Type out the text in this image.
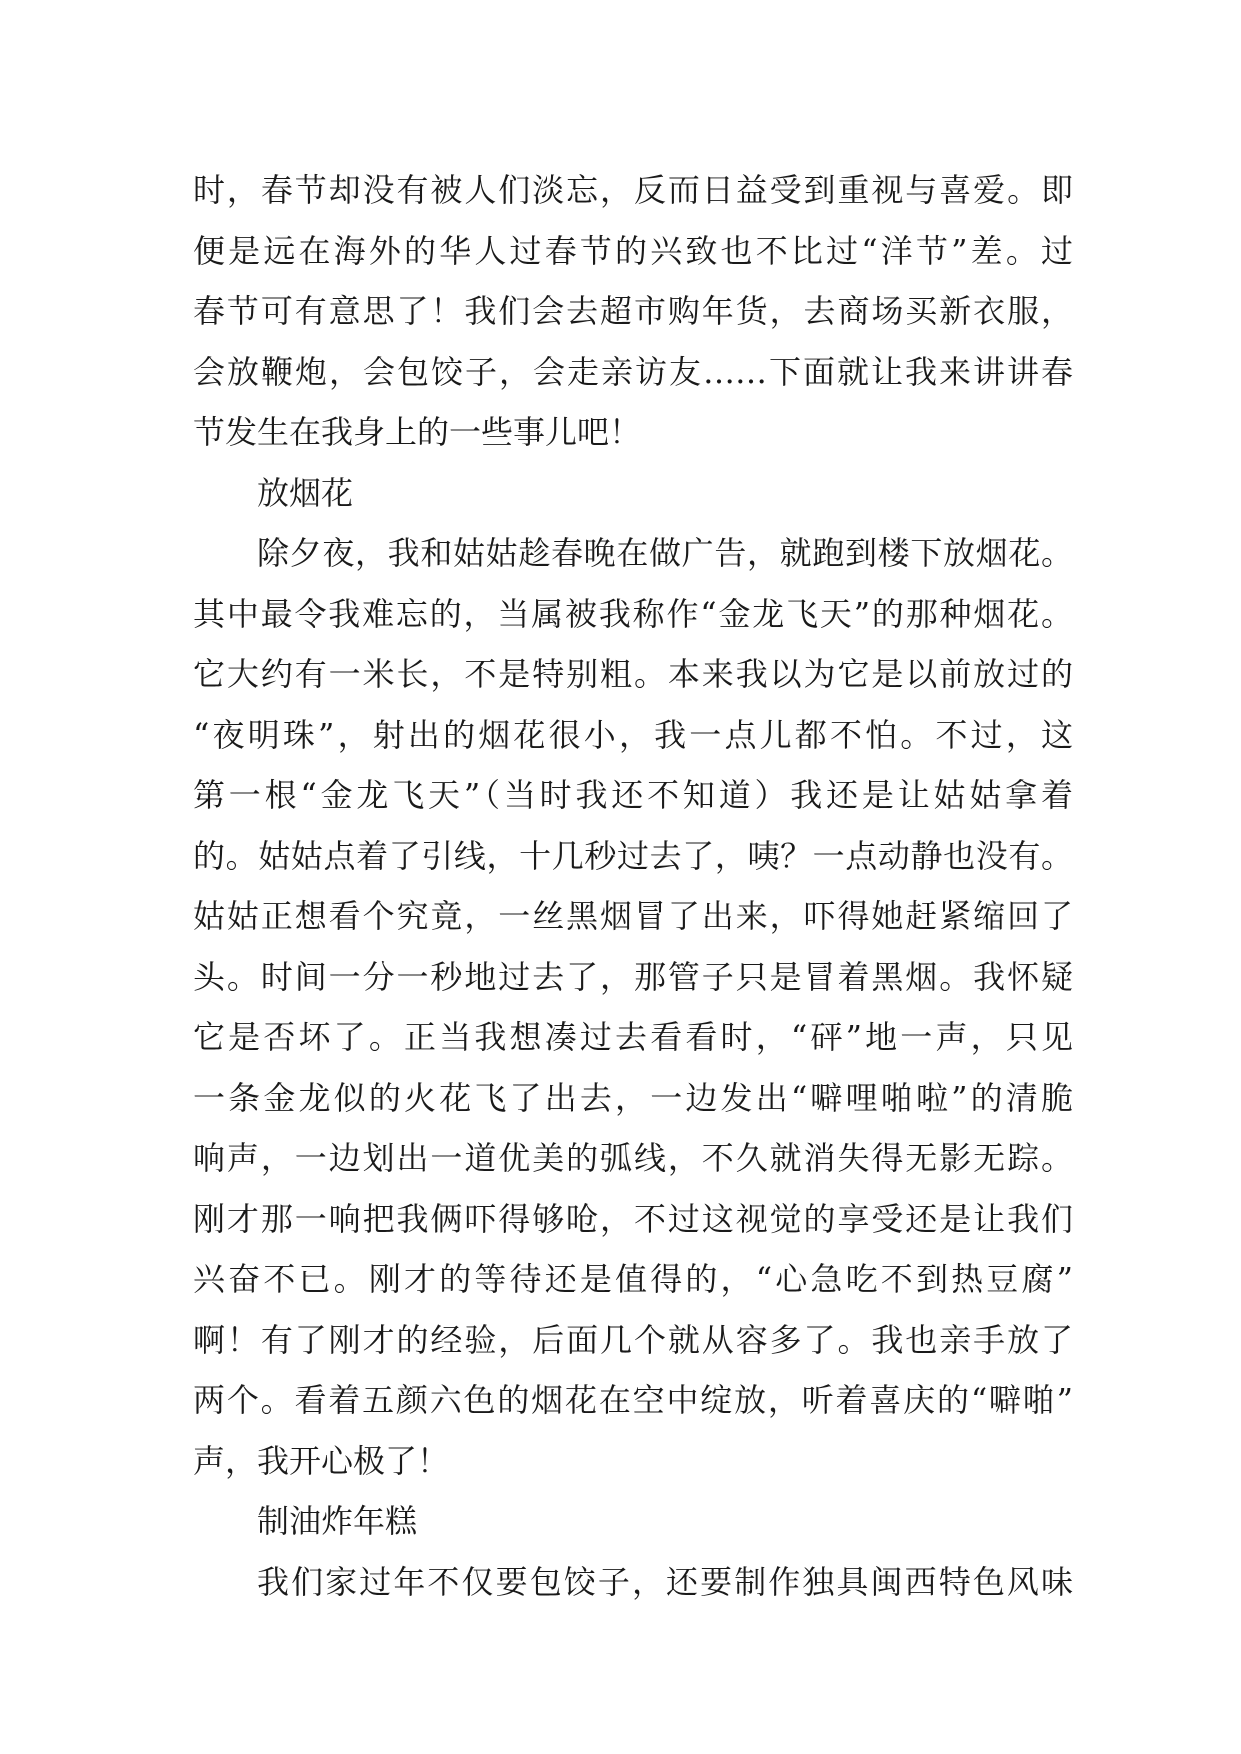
时，春节却没有被人们淡忘，反而日益受到重视与喜爱。即
便是远在海外的华人过春节的兴致也不比过“洋节”差。过
春节可有意思了！我们会去超市购年货，去商场买新衣服，
会放鞭炮，会包饺子，会走亲访友……下面就让我来讲讲春
节发生在我身上的一些事儿吧！
放烟花
除夕夜，我和姑姑趁春晚在做广告，就跑到楼下放烟花。
其中最令我难忘的，当属被我称作“金龙飞天”的那种烟花。
它大约有一米长，不是特别粗。本来我以为它是以前放过的
“夜明珠”，射出的烟花很小，我一点儿都不怕。不过，这
第一根“金龙飞天”（当时我还不知道）我还是让姑姑拿着
的。姑姑点着了引线，十几秒过去了，咦？一点动静也没有。
姑姑正想看个究竟，一丝黑烟冒了出来，吓得她赶紧缩回了
头。时间一分一秒地过去了，那管子只是冒着黑烟。我怀疑
它是否坏了。正当我想凑过去看看时，“砰”地一声，只见
一条金龙似的火花飞了出去，一边发出“噼哩啪啦”的清脆
响声，一边划出一道优美的弧线，不久就消失得无影无踪。
刚才那一响把我俩吓得够呛，不过这视觉的享受还是让我们
兴奋不已。刚才的等待还是值得的，“心急吃不到热豆腐”
啊！有了刚才的经验，后面几个就从容多了。我也亲手放了
两个。看着五颜六色的烟花在空中绽放，听着喜庆的“噼啪”
声，我开心极了！
制油炸年糕
我们家过年不仅要包饺子，还要制作独具闽西特色风味
